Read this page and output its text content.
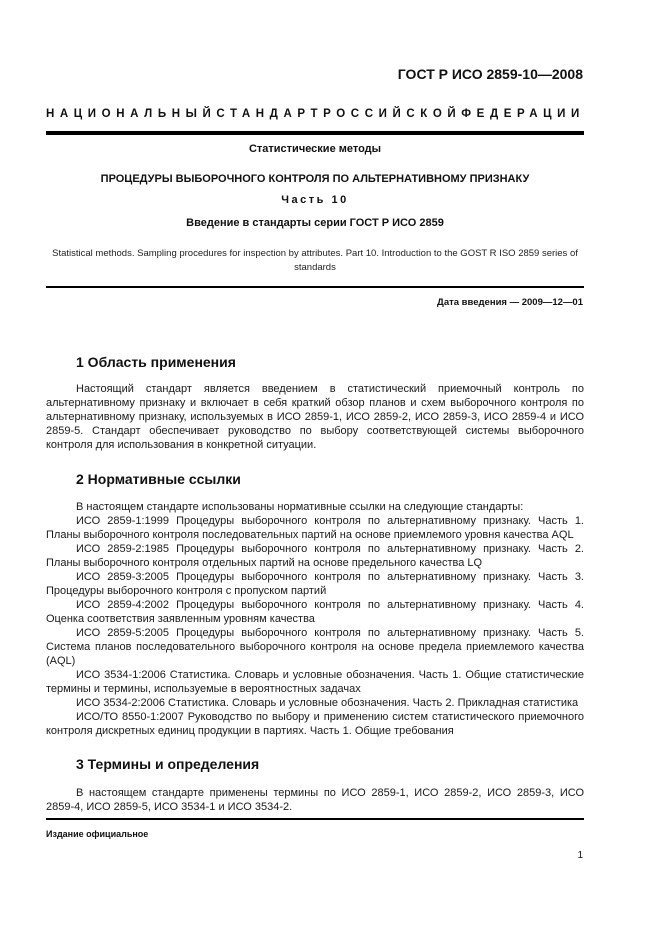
ГОСТ Р ИСО 2859-10—2008
НАЦИОНАЛЬНЫЙ СТАНДАРТ РОССИЙСКОЙ ФЕДЕРАЦИИ
Статистические методы
ПРОЦЕДУРЫ ВЫБОРОЧНОГО КОНТРОЛЯ ПО АЛЬТЕРНАТИВНОМУ ПРИЗНАКУ
Часть 10
Введение в стандарты серии ГОСТ Р ИСО 2859
Statistical methods. Sampling procedures for inspection by attributes. Part 10. Introduction to the GOST R ISO 2859 series of standards
Дата введения — 2009—12—01
1 Область применения

Настоящий стандарт является введением в статистический приемочный контроль по альтернативному признаку и включает в себя краткий обзор планов и схем выборочного контроля по альтернативному признаку, используемых в ИСО 2859-1, ИСО 2859-2, ИСО 2859-3, ИСО 2859-4 и ИСО 2859-5. Стандарт обеспечивает руководство по выбору соответствующей системы выборочного контроля для использования в конкретной ситуации.

2 Нормативные ссылки

В настоящем стандарте использованы нормативные ссылки на следующие стандарты:

ИСО 2859-1:1999 Процедуры выборочного контроля по альтернативному признаку. Часть 1. Планы выборочного контроля последовательных партий на основе приемлемого уровня качества AQL

ИСО 2859-2:1985 Процедуры выборочного контроля по альтернативному признаку. Часть 2. Планы выборочного контроля отдельных партий на основе предельного качества LQ

ИСО 2859-3:2005 Процедуры выборочного контроля по альтернативному признаку. Часть 3. Процедуры выборочного контроля с пропуском партий

ИСО 2859-4:2002 Процедуры выборочного контроля по альтернативному признаку. Часть 4. Оценка соответствия заявленным уровням качества

ИСО 2859-5:2005 Процедуры выборочного контроля по альтернативному признаку. Часть 5. Система планов последовательного выборочного контроля на основе предела приемлемого качества (AQL)

ИСО 3534-1:2006 Статистика. Словарь и условные обозначения. Часть 1. Общие статистические термины и термины, используемые в вероятностных задачах

ИСО 3534-2:2006 Статистика. Словарь и условные обозначения. Часть 2. Прикладная статистика

ИСО/ТО 8550-1:2007 Руководство по выбору и применению систем статистического приемочного контроля дискретных единиц продукции в партиях. Часть 1. Общие требования

3 Термины и определения

В настоящем стандарте применены термины по ИСО 2859-1, ИСО 2859-2, ИСО 2859-3, ИСО 2859-4, ИСО 2859-5, ИСО 3534-1 и ИСО 3534-2.

Издание официальное
1
